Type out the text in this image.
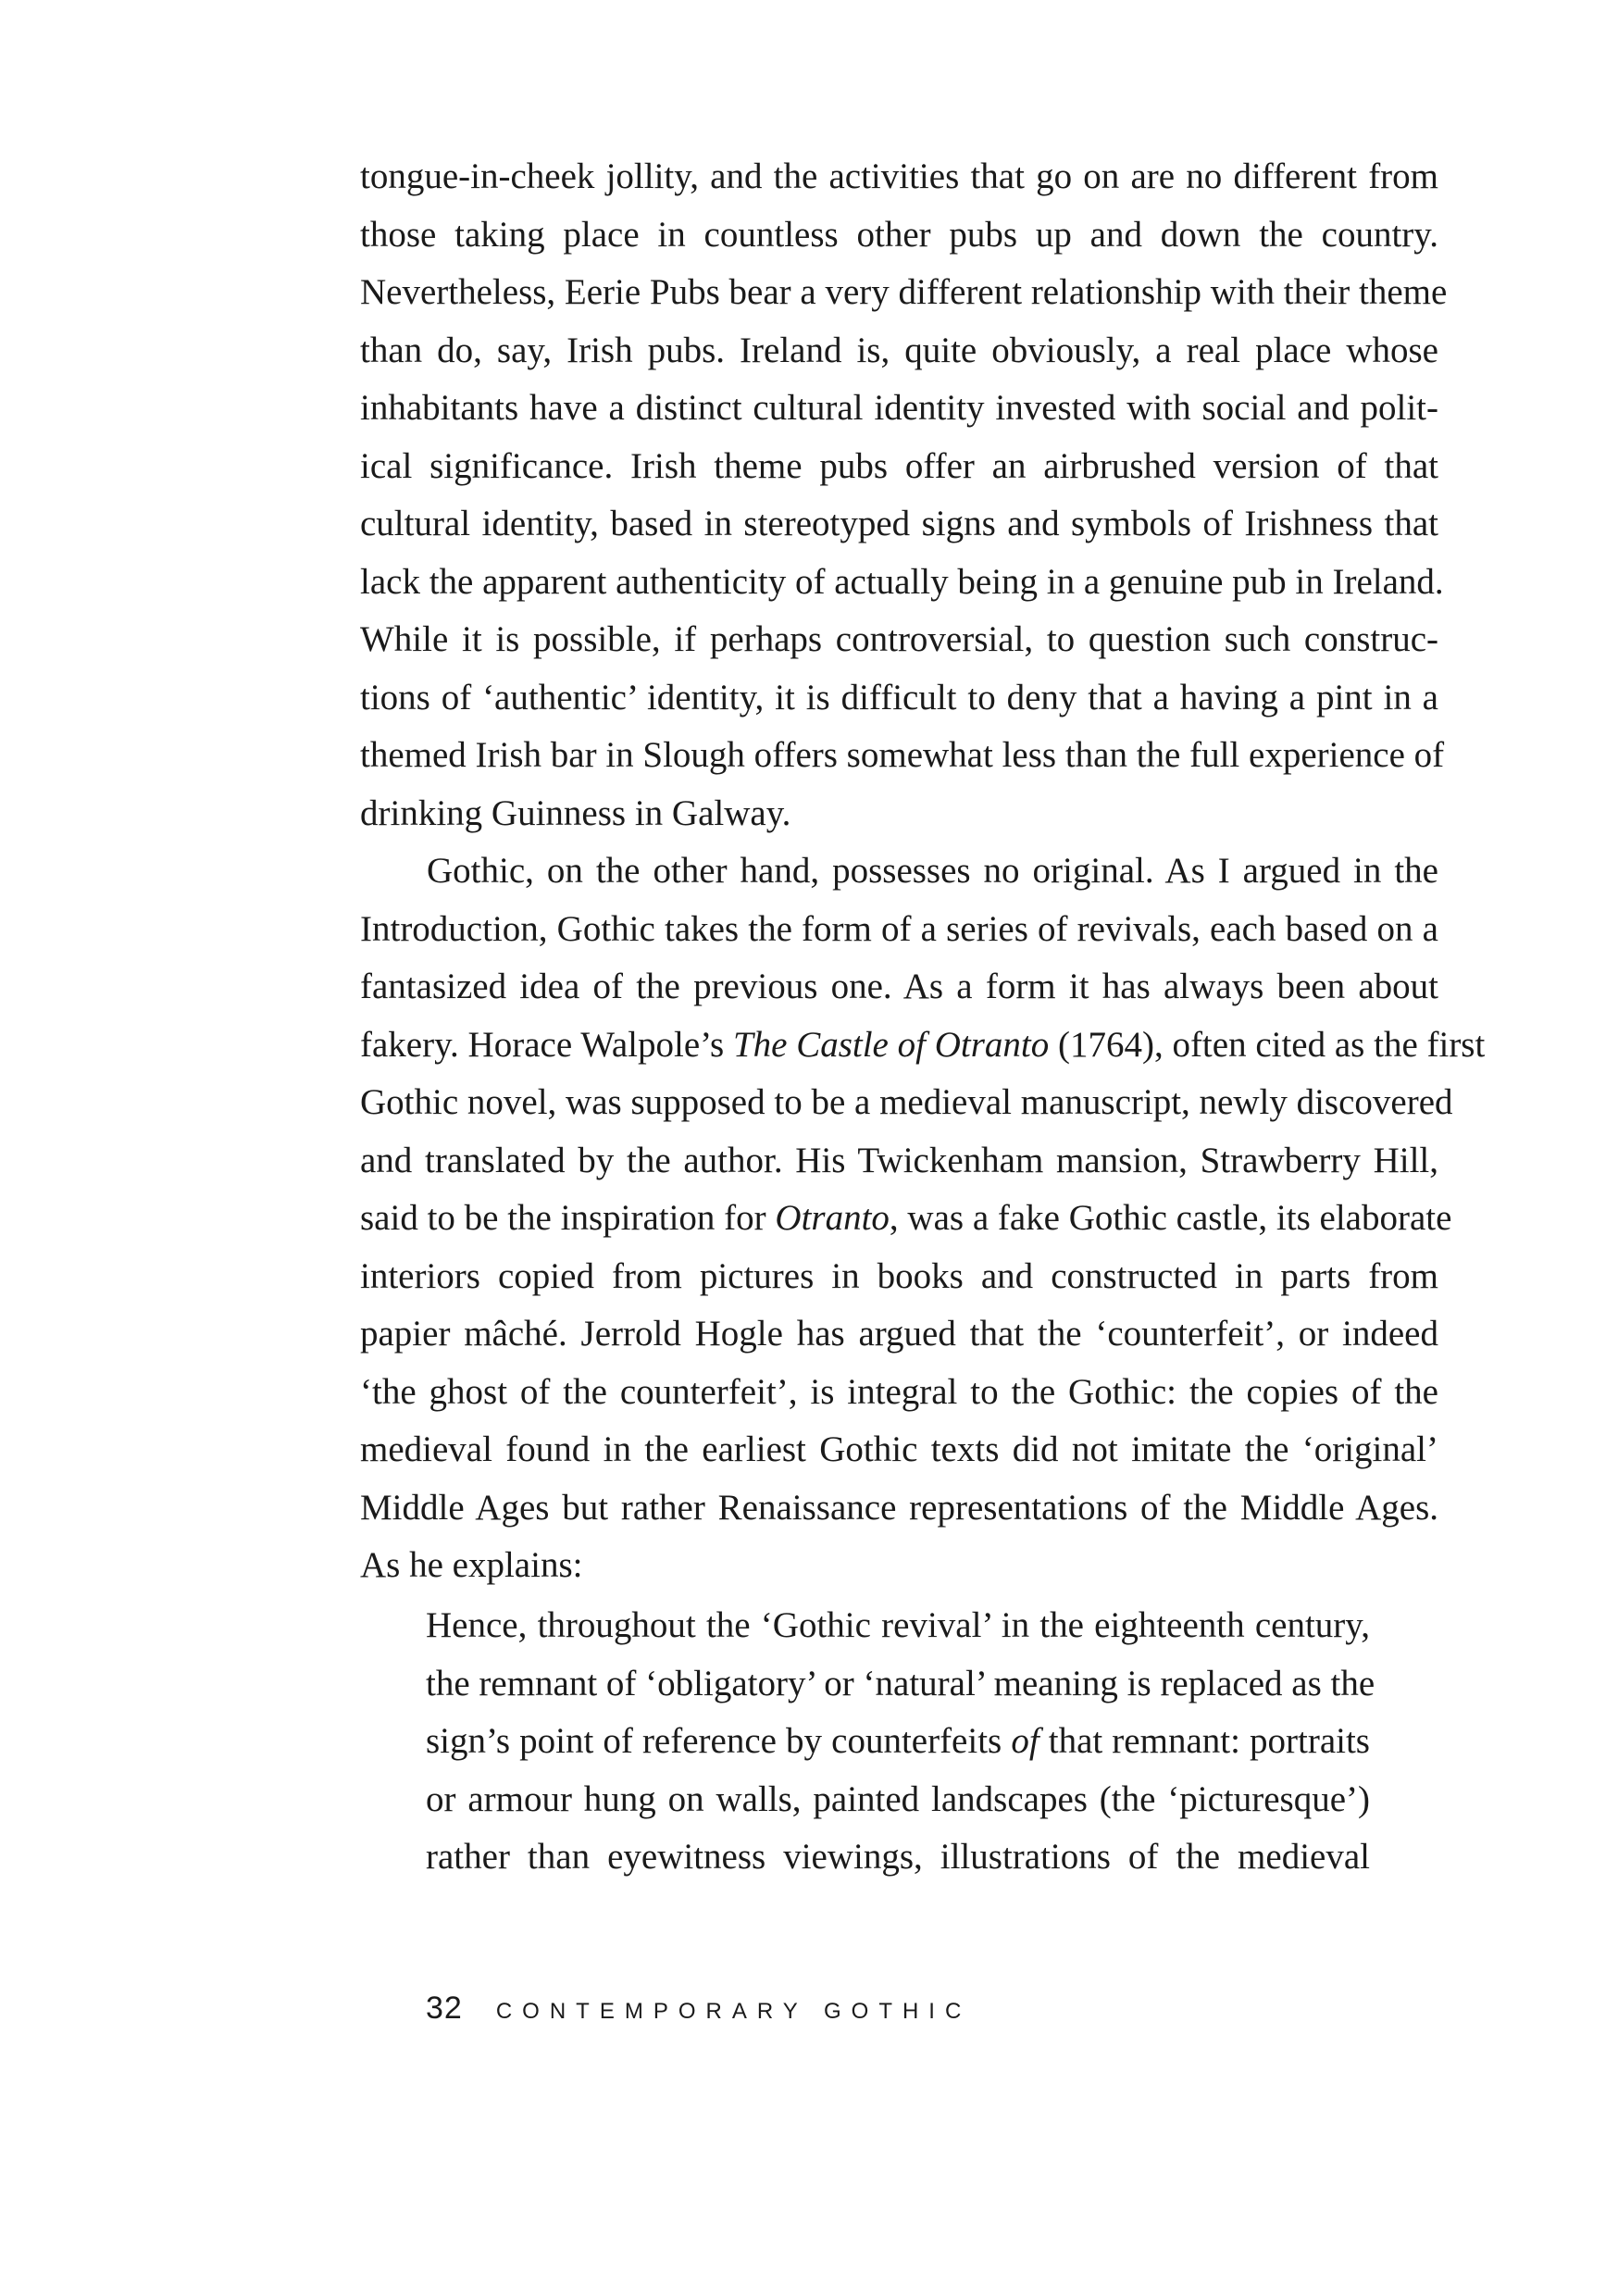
tongue-in-cheek jollity, and the activities that go on are no different from
those taking place in countless other pubs up and down the country.
Nevertheless, Eerie Pubs bear a very different relationship with their theme
than do, say, Irish pubs. Ireland is, quite obviously, a real place whose
inhabitants have a distinct cultural identity invested with social and polit-
ical significance. Irish theme pubs offer an airbrushed version of that
cultural identity, based in stereotyped signs and symbols of Irishness that
lack the apparent authenticity of actually being in a genuine pub in Ireland.
While it is possible, if perhaps controversial, to question such construc-
tions of ‘authentic’ identity, it is difficult to deny that a having a pint in a
themed Irish bar in Slough offers somewhat less than the full experience of
drinking Guinness in Galway.
Gothic, on the other hand, possesses no original. As I argued in the
Introduction, Gothic takes the form of a series of revivals, each based on a
fantasized idea of the previous one. As a form it has always been about
fakery. Horace Walpole’s The Castle of Otranto (1764), often cited as the first
Gothic novel, was supposed to be a medieval manuscript, newly discovered
and translated by the author. His Twickenham mansion, Strawberry Hill,
said to be the inspiration for Otranto, was a fake Gothic castle, its elaborate
interiors copied from pictures in books and constructed in parts from
papier mâché. Jerrold Hogle has argued that the ‘counterfeit’, or indeed
‘the ghost of the counterfeit’, is integral to the Gothic: the copies of the
medieval found in the earliest Gothic texts did not imitate the ‘original’
Middle Ages but rather Renaissance representations of the Middle Ages.
As he explains:
Hence, throughout the ‘Gothic revival’ in the eighteenth century,
the remnant of ‘obligatory’ or ‘natural’ meaning is replaced as the
sign’s point of reference by counterfeits of that remnant: portraits
or armour hung on walls, painted landscapes (the ‘picturesque’)
rather than eyewitness viewings, illustrations of the medieval
32 CONTEMPORARY GOTHIC
